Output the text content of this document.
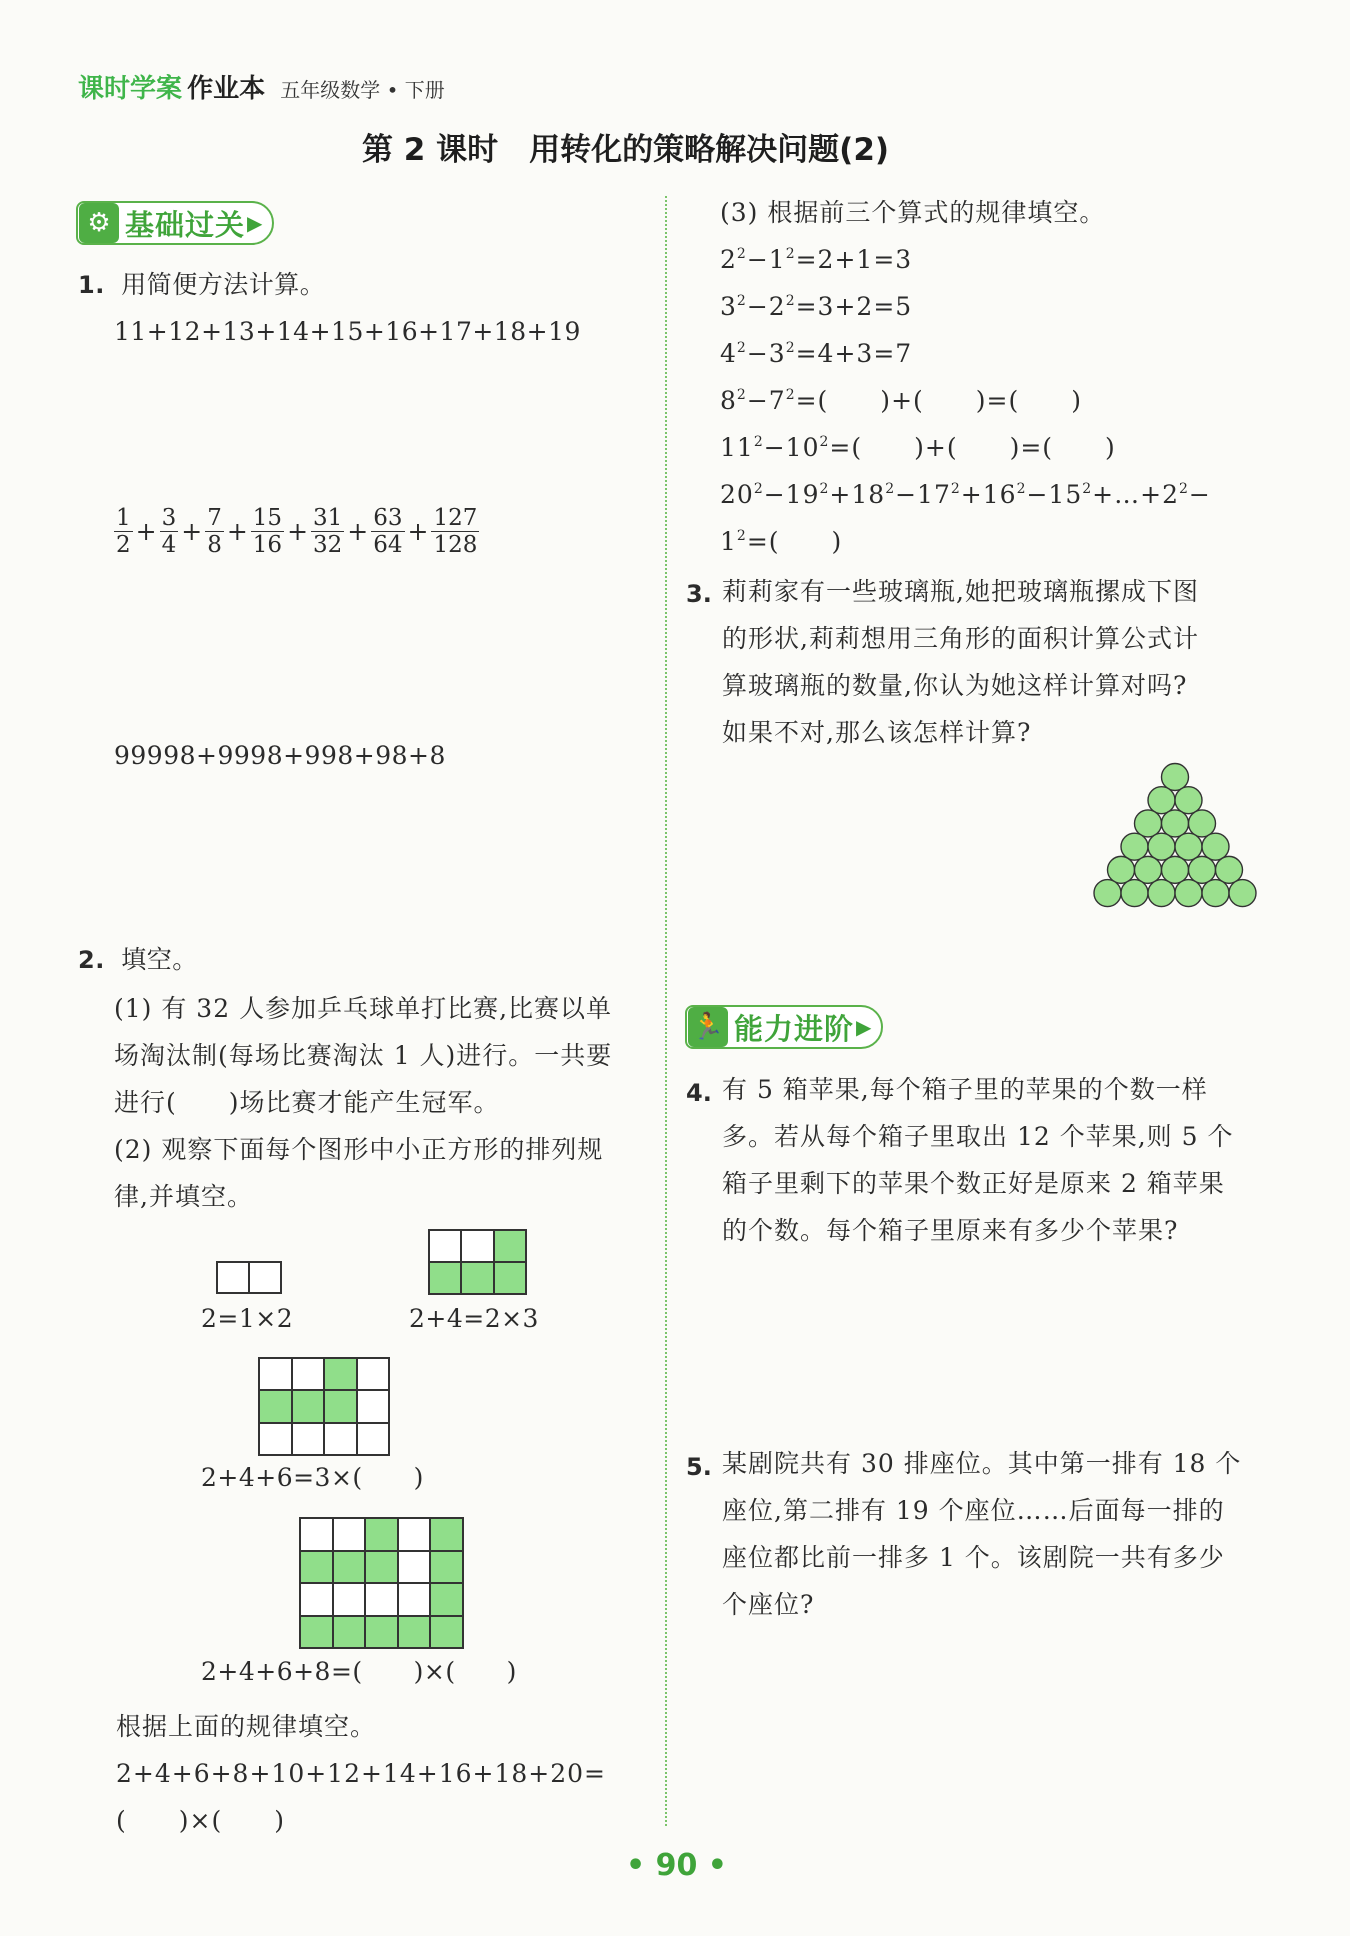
课时学案 作业本 五年级数学 • 下册
第 2 课时　用转化的策略解决问题(2)
⚙ 基础过关 ▶
1. 用简便方法计算。
11+12+13+14+15+16+17+18+19
$\frac{1}{2} + \frac{3}{4} + \frac{7}{8} + \frac{15}{16} + \frac{31}{32} + \frac{63}{64} + \frac{127}{128}$
99998+9998+998+98+8
2. 填空。
(1) 有 32 人参加乒乓球单打比赛,比赛以单
场淘汰制(每场比赛淘汰 1 人)进行。一共要
进行(　　)场比赛才能产生冠军。
(2) 观察下面每个图形中小正方形的排列规
律,并填空。
2=1×2	2+4=2×3
2+4+6=3×(　　)
2+4+6+8=(　　)×(　　)
根据上面的规律填空。
2+4+6+8+10+12+14+16+18+20=
(　　)×(　　)
(3) 根据前三个算式的规律填空。
$2^2-1^2=2+1=3$
$3^2-2^2=3+2=5$
$4^2-3^2=4+3=7$
$8^2-7^2=$(　　)+(　　)=(　　)
$11^2-10^2=$(　　)+(　　)=(　　)
$20^2-19^2+18^2-17^2+16^2-15^2+\dots+2^2-$
$1^2=$(　　)
3. 莉莉家有一些玻璃瓶,她把玻璃瓶摞成下图
的形状,莉莉想用三角形的面积计算公式计
算玻璃瓶的数量,你认为她这样计算对吗?
如果不对,那么该怎样计算?
🏃 能力进阶 ▶
4. 有 5 箱苹果,每个箱子里的苹果的个数一样
多。若从每个箱子里取出 12 个苹果,则 5 个
箱子里剩下的苹果个数正好是原来 2 箱苹果
的个数。每个箱子里原来有多少个苹果?
5. 某剧院共有 30 排座位。其中第一排有 18 个
座位,第二排有 19 个座位……后面每一排的
座位都比前一排多 1 个。该剧院一共有多少
个座位?
• 90 •
